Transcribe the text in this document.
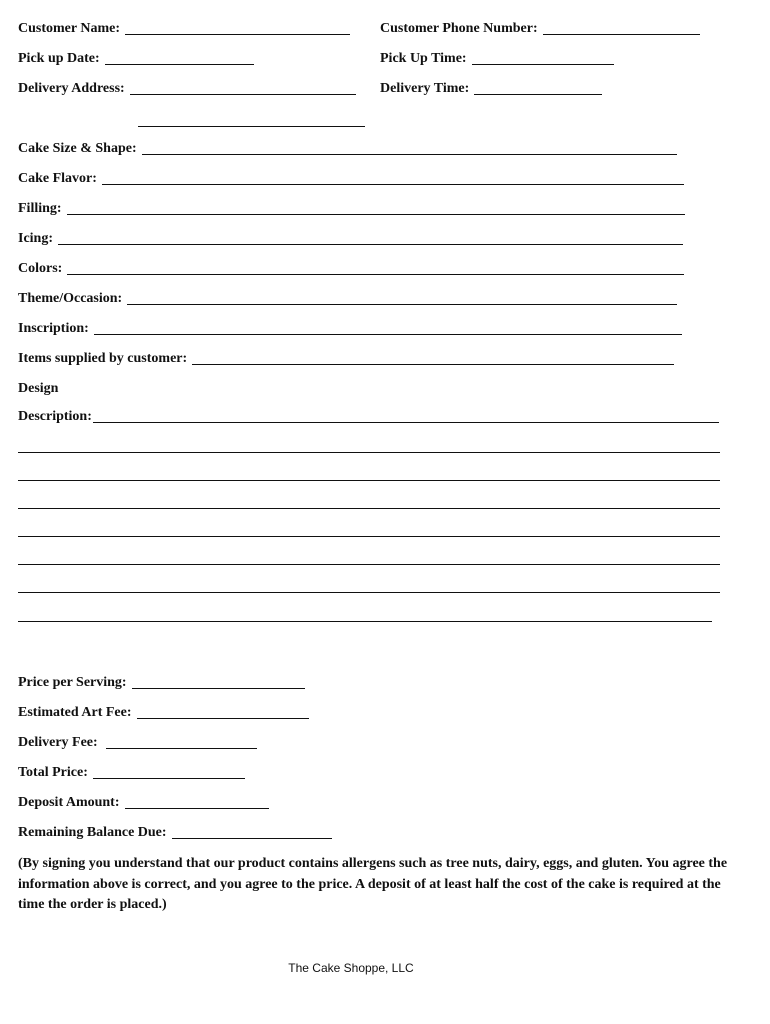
Customer Name:	Customer Phone Number:
Pick up Date:	Pick Up Time:
Delivery Address:	Delivery Time:
Cake Size & Shape:
Cake Flavor:
Filling:
Icing:
Colors:
Theme/Occasion:
Inscription:
Items supplied by customer:
Design
Description:
Price per Serving:
Estimated Art Fee:
Delivery Fee:
Total Price:
Deposit Amount:
Remaining Balance Due:
(By signing you understand that our product contains allergens such as tree nuts, dairy, eggs, and gluten. You agree the information above is correct, and you agree to the price. A deposit of at least half the cost of the cake is required at the time the order is placed.)
The Cake Shoppe, LLC
